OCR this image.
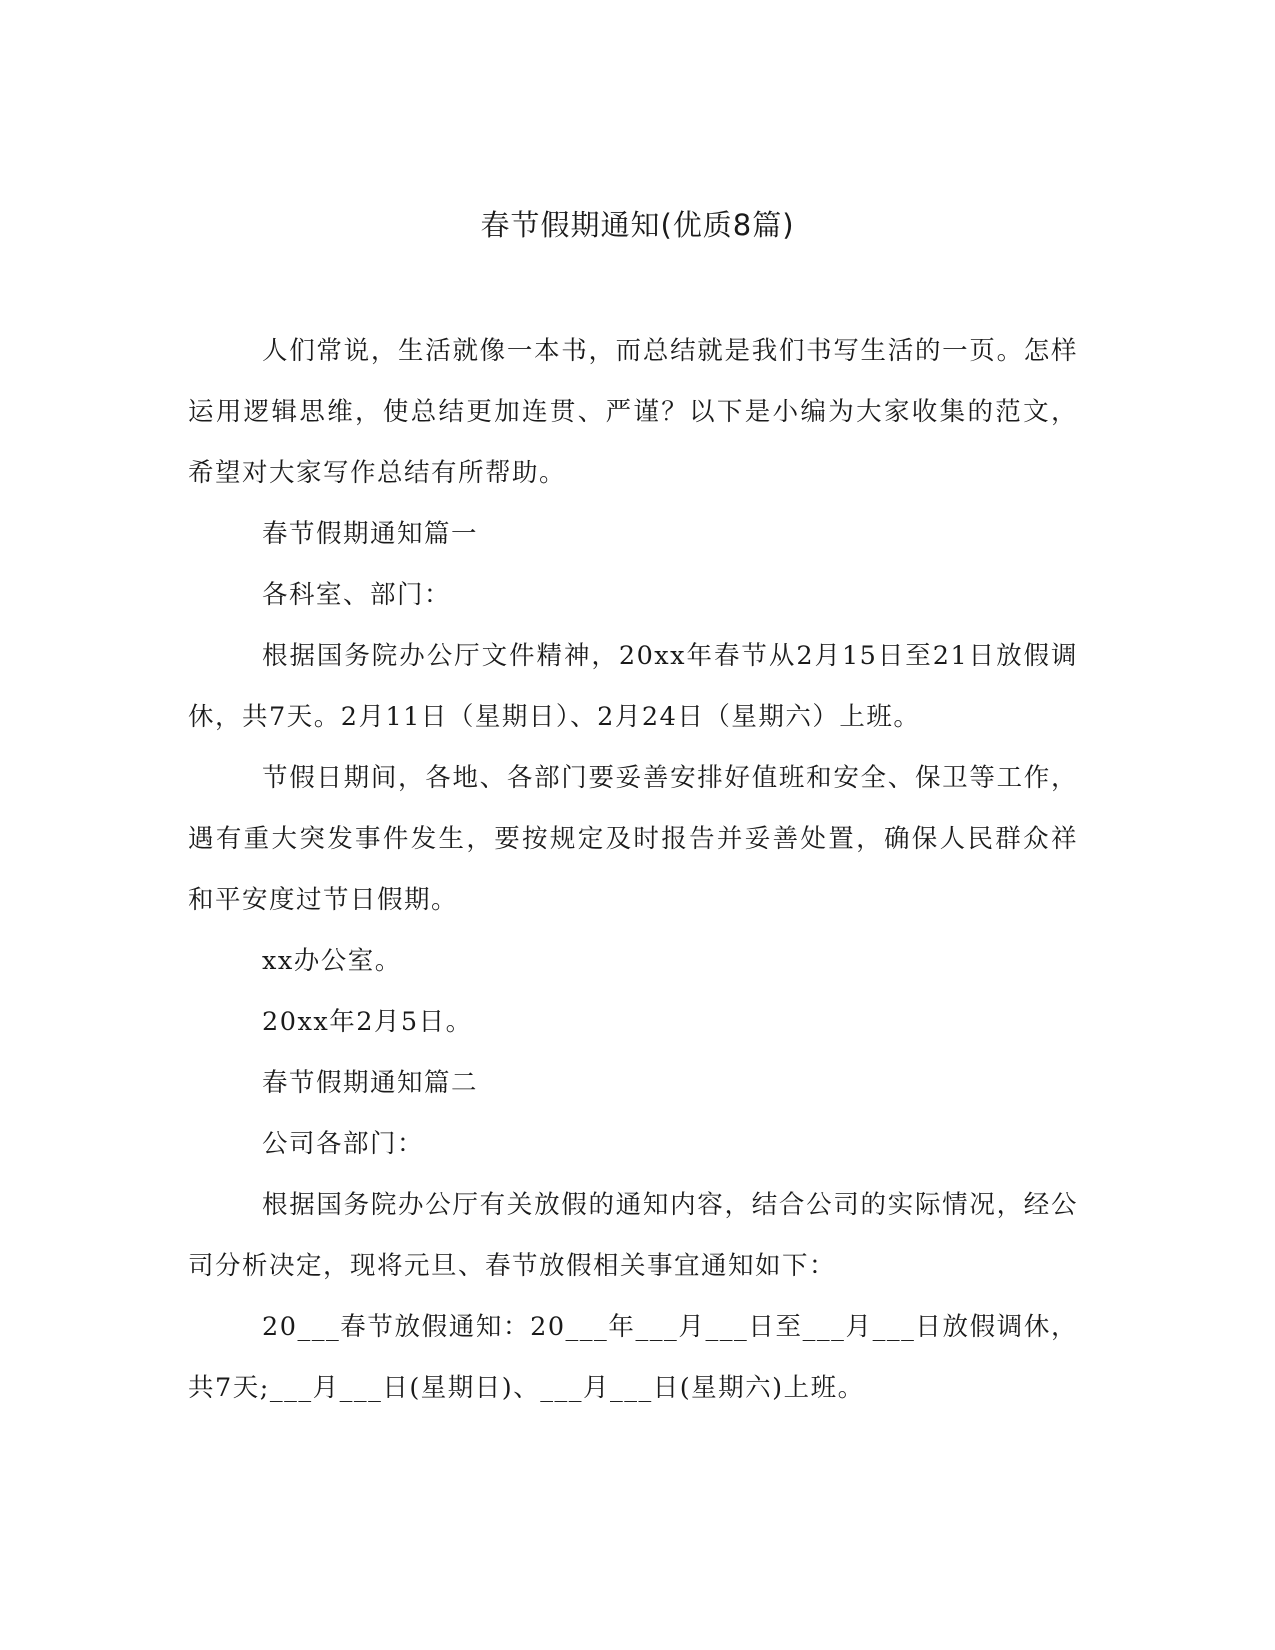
春节假期通知(优质8篇)

人们常说，生活就像一本书，而总结就是我们书写生活的一页。怎样运用逻辑思维，使总结更加连贯、严谨？以下是小编为大家收集的范文，希望对大家写作总结有所帮助。

春节假期通知篇一

各科室、部门：

根据国务院办公厅文件精神，20xx年春节从2月15日至21日放假调休，共7天。2月11日（星期日）、2月24日（星期六）上班。

节假日期间，各地、各部门要妥善安排好值班和安全、保卫等工作，遇有重大突发事件发生，要按规定及时报告并妥善处置，确保人民群众祥和平安度过节日假期。

xx办公室。

20xx年2月5日。

春节假期通知篇二

公司各部门：

根据国务院办公厅有关放假的通知内容，结合公司的实际情况，经公司分析决定，现将元旦、春节放假相关事宜通知如下：

20___春节放假通知：20___年___月___日至___月___日放假调休，共7天;___月___日(星期日)、___月___日(星期六)上班。
